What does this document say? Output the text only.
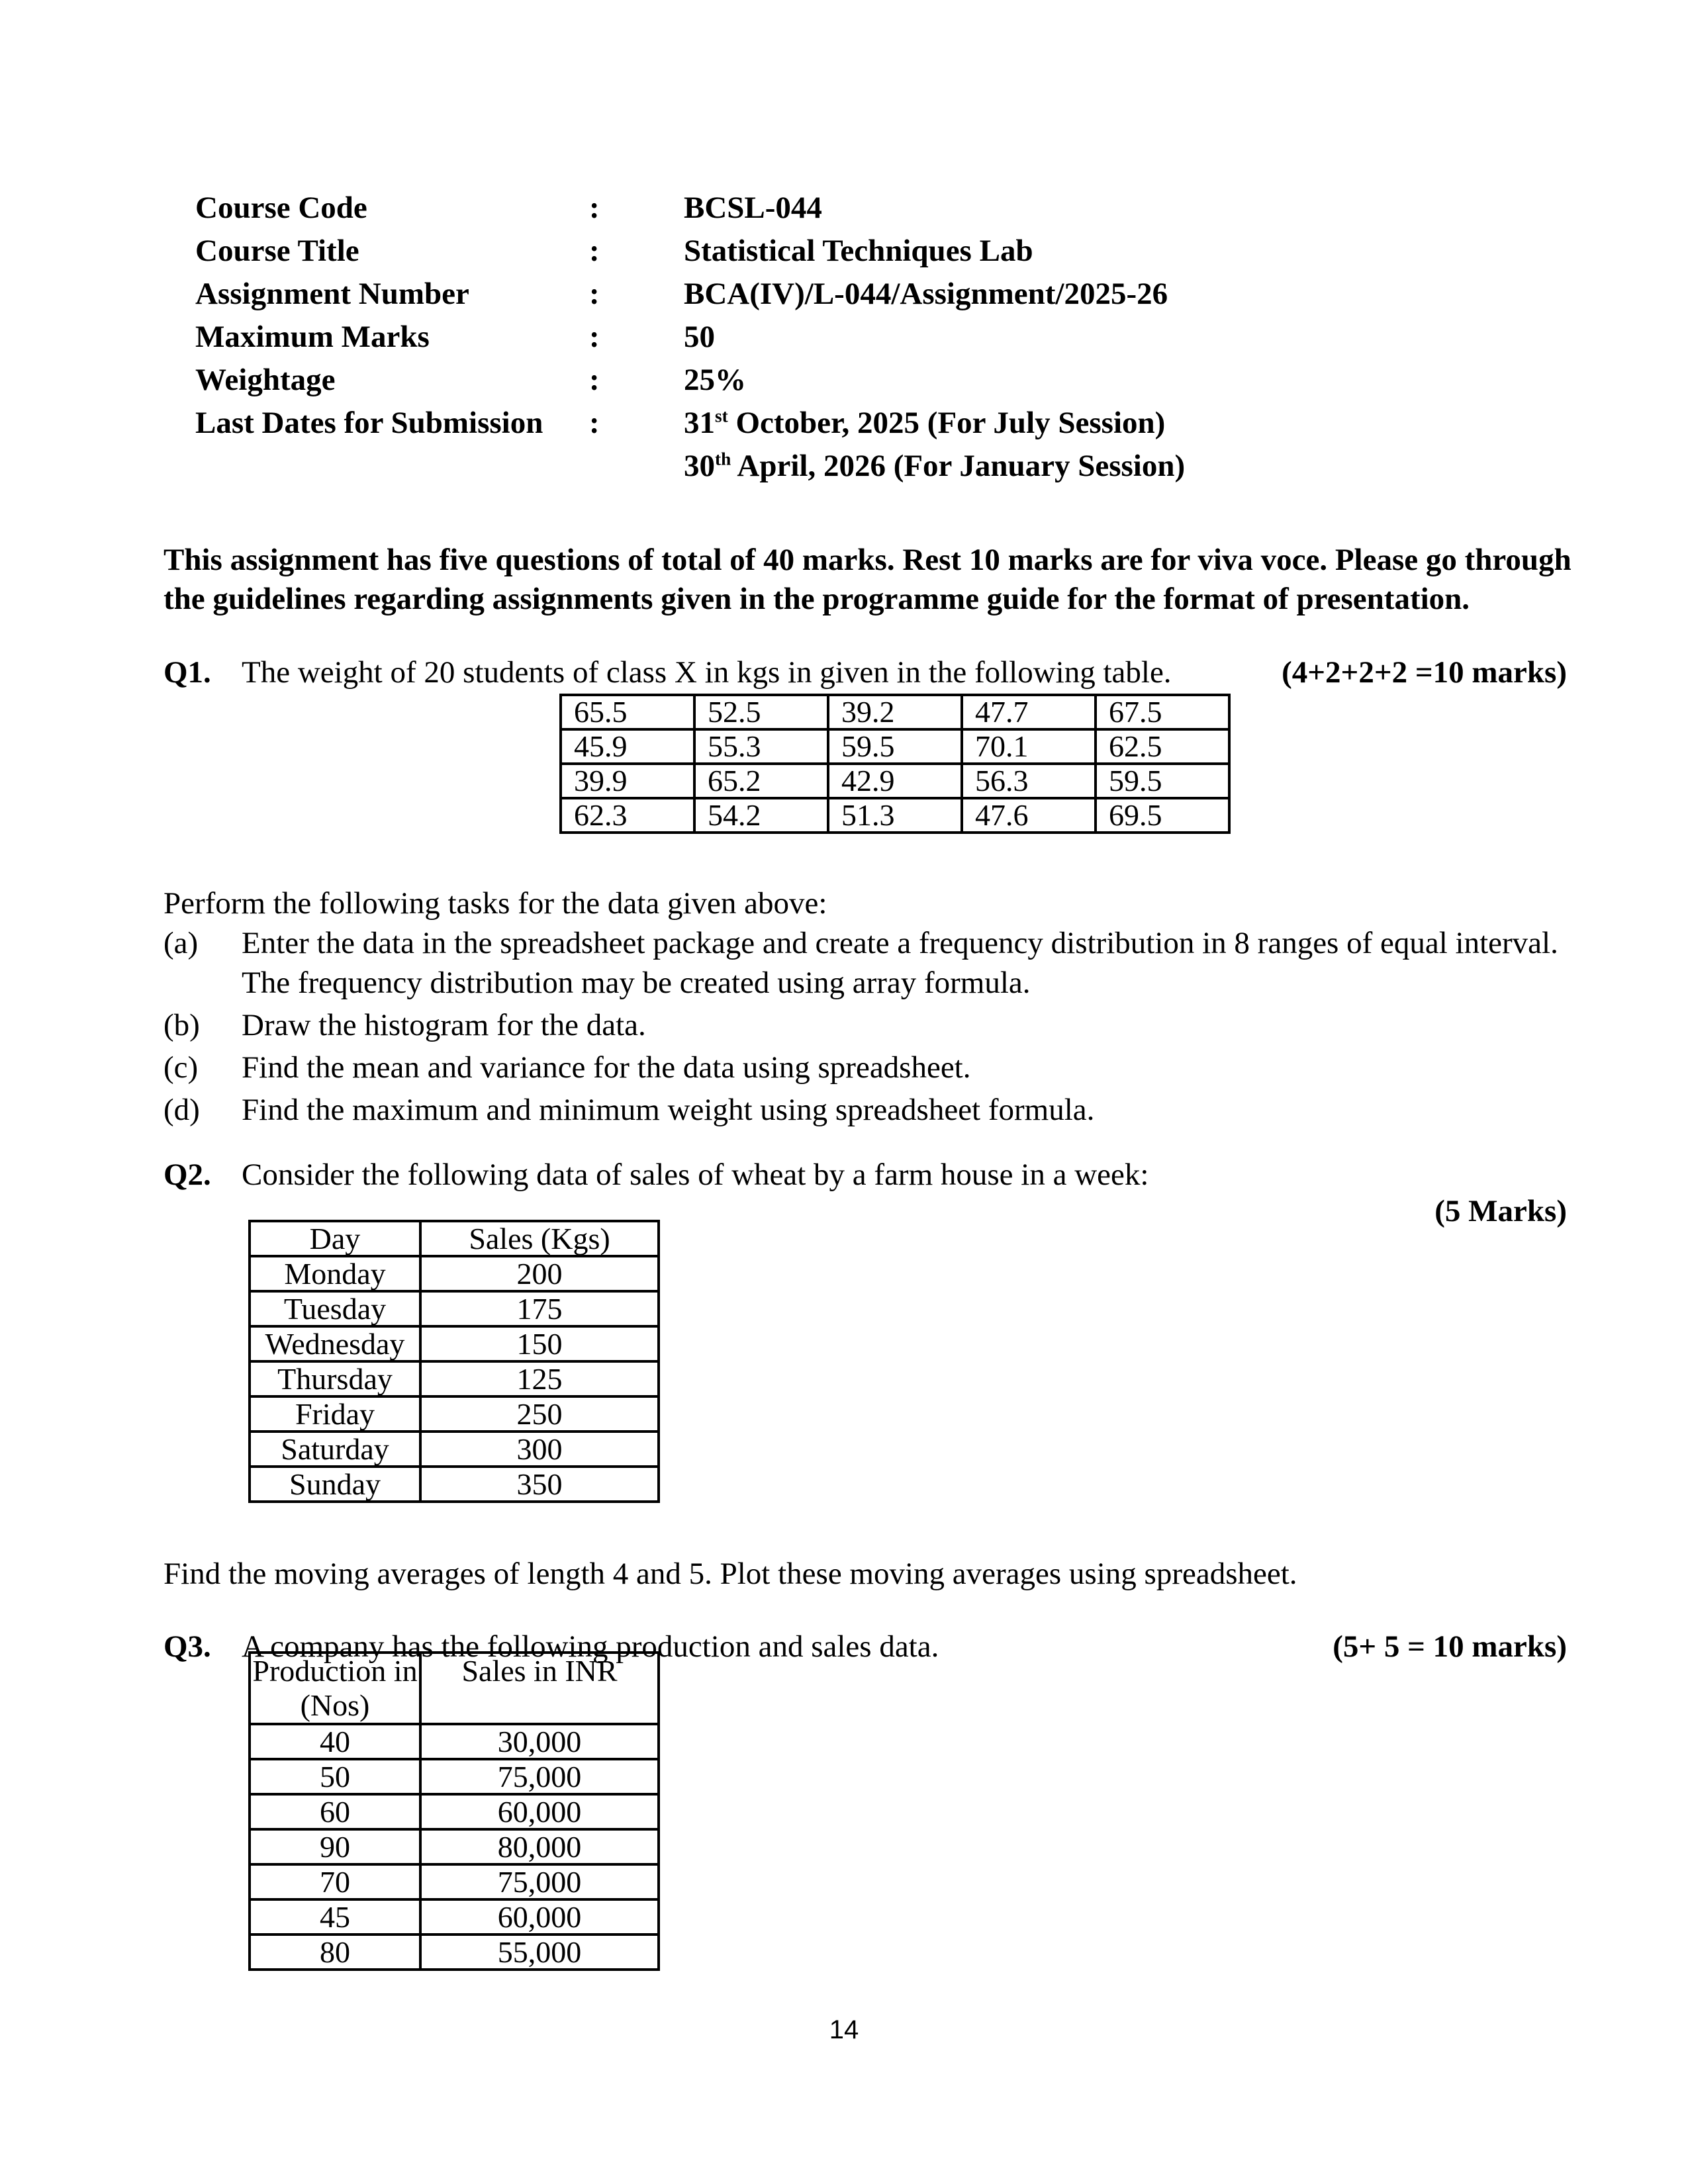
Course Code	:	BCSL-044
Course Title	:	Statistical Techniques Lab
Assignment Number	:	BCA(IV)/L-044/Assignment/2025-26
Maximum Marks	:	50
Weightage	:	25%
Last Dates for Submission	:	31st October, 2025 (For July Session)
30th April, 2026 (For January Session)
This assignment has five questions of total of 40 marks. Rest 10 marks are for viva voce. Please go through
the guidelines regarding assignments given in the programme guide for the format of presentation.
Q1. The weight of 20 students of class X in kgs in given in the following table.	(4+2+2+2 =10 marks)
65.5	52.5	39.2	47.7	67.5
45.9	55.3	59.5	70.1	62.5
39.9	65.2	42.9	56.3	59.5
62.3	54.2	51.3	47.6	69.5
Perform the following tasks for the data given above:
(a)	Enter the data in the spreadsheet package and create a frequency distribution in 8 ranges of equal interval.
The frequency distribution may be created using array formula.
(b)	Draw the histogram for the data.
(c)	Find the mean and variance for the data using spreadsheet.
(d)	Find the maximum and minimum weight using spreadsheet formula.
Q2. Consider the following data of sales of wheat by a farm house in a week:
(5 Marks)
Day	Sales (Kgs)
Monday	200
Tuesday	175
Wednesday	150
Thursday	125
Friday	250
Saturday	300
Sunday	350
Find the moving averages of length 4 and 5. Plot these moving averages using spreadsheet.
Q3. A company has the following production and sales data.	(5+ 5 = 10 marks)
Production in
(Nos)	Sales in INR
40	30,000
50	75,000
60	60,000
90	80,000
70	75,000
45	60,000
80	55,000
14
